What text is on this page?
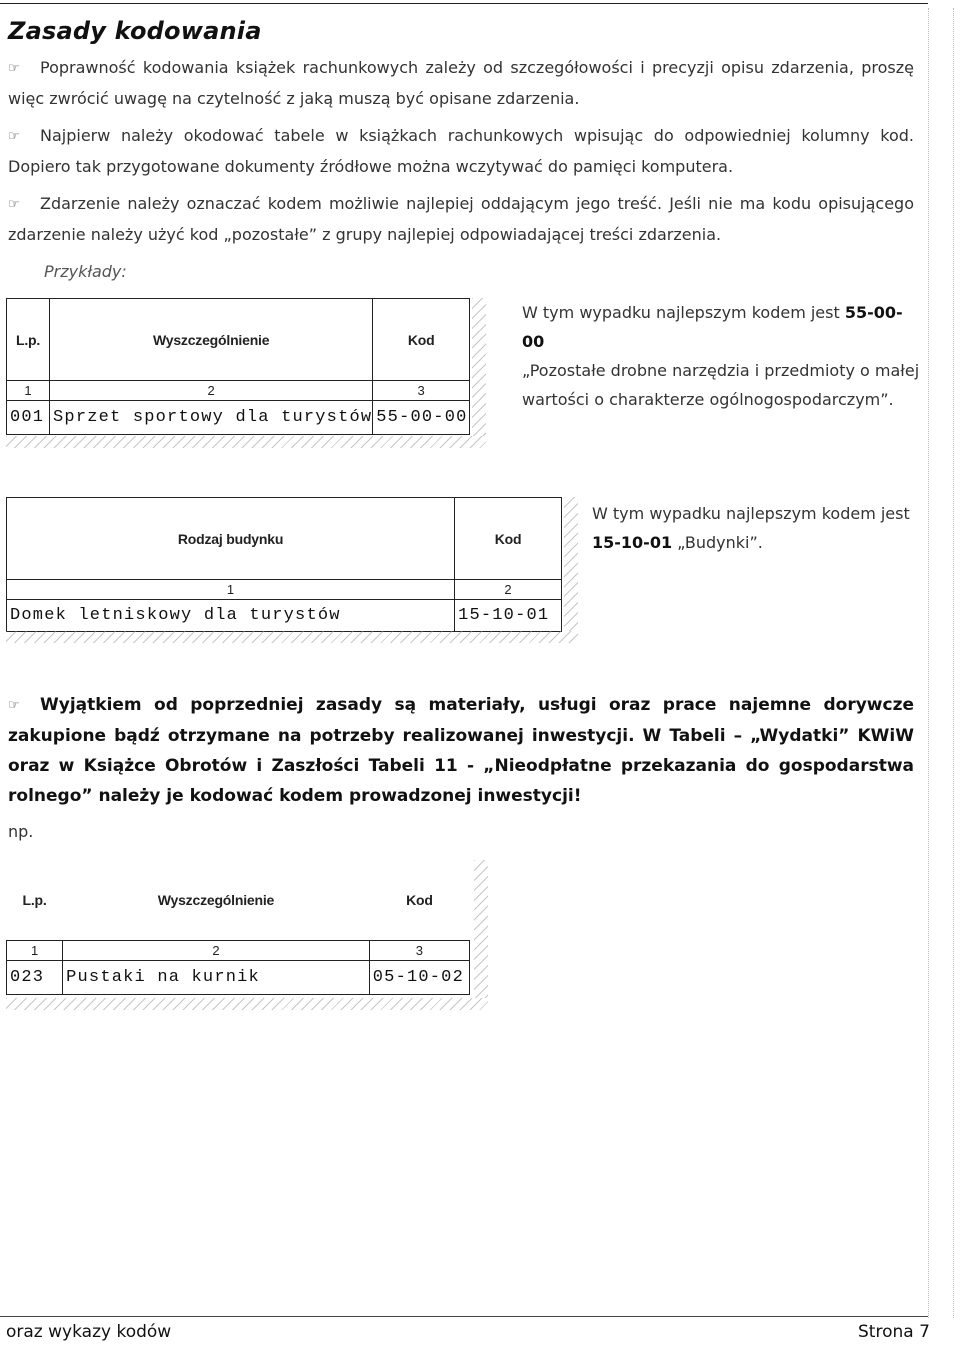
Zasady kodowania

☞ Poprawność kodowania książek rachunkowych zależy od szczegółowości i precyzji opisu zdarzenia, proszę więc zwrócić uwagę na czytelność z jaką muszą być opisane zdarzenia.

☞ Najpierw należy okodować tabele w książkach rachunkowych wpisując do odpowiedniej kolumny kod. Dopiero tak przygotowane dokumenty źródłowe można wczytywać do pamięci komputera.

☞ Zdarzenie należy oznaczać kodem możliwie najlepiej oddającym jego treść. Jeśli nie ma kodu opisującego zdarzenie należy użyć kod „pozostałe” z grupy najlepiej odpowiadającej treści zdarzenia.

Przykłady:
L.p.	Wyszczególnienie	Kod
1	2	3
001	Sprzet sportowy dla turystów	55-00-00
W tym wypadku najlepszym kodem jest 55-00-00
„Pozostałe drobne narzędzia i przedmioty o małej wartości o charakterze ogólnogospodarczym”.
Rodzaj budynku	Kod
1	2
Domek letniskowy dla turystów	15-10-01
W tym wypadku najlepszym kodem jest
15-10-01 „Budynki”.

☞ Wyjątkiem od poprzedniej zasady są materiały, usługi oraz prace najemne dorywcze zakupione bądź otrzymane na potrzeby realizowanej inwestycji. W Tabeli – „Wydatki” KWiW oraz w Książce Obrotów i Zaszłości Tabeli 11 - „Nieodpłatne przekazania do gospodarstwa rolnego” należy je kodować kodem prowadzonej inwestycji!

np.
L.p.	Wyszczególnienie	Kod
1	2	3
023	Pustaki na kurnik	05-10-02
oraz wykazy kodów	Strona 7
